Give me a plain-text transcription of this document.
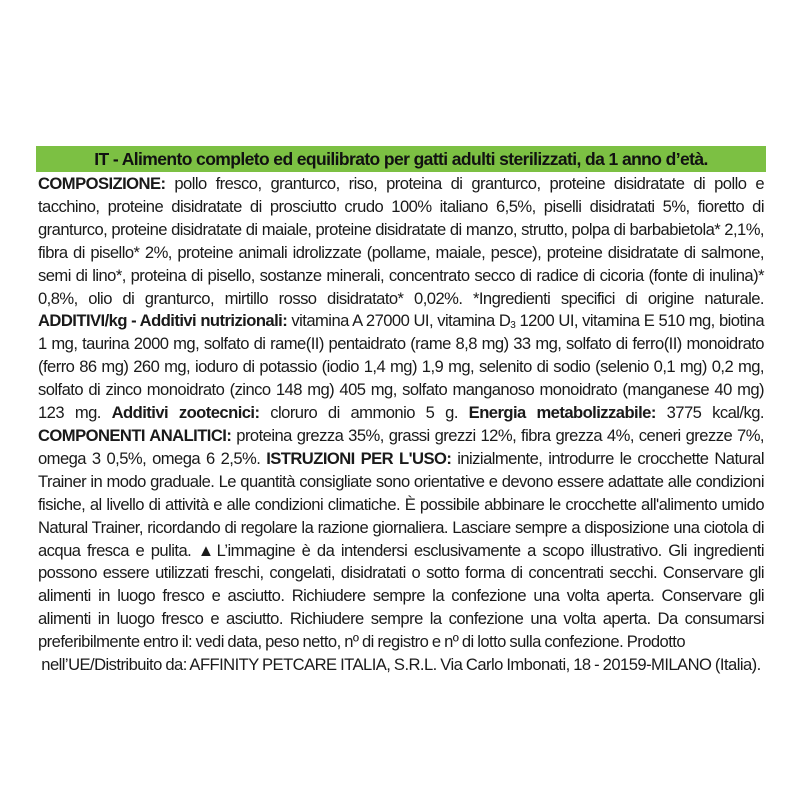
IT - Alimento completo ed equilibrato per gatti adulti sterilizzati, da 1 anno d’età.
COMPOSIZIONE: pollo fresco, granturco, riso, proteina di granturco, proteine disidratate di pollo e tacchino, proteine disidratate di prosciutto crudo 100% italiano 6,5%, piselli disidratati 5%, fioretto di granturco, proteine disidratate di maiale, proteine disidratate di manzo, strutto, polpa di barbabietola* 2,1%, fibra di pisello* 2%, proteine animali idrolizzate (pollame, maiale, pesce), proteine disidratate di salmone, semi di lino*, proteina di pisello, sostanze minerali, concentrato secco di radice di cicoria (fonte di inulina)* 0,8%, olio di granturco, mirtillo rosso disidratato* 0,02%. *Ingredienti specifici di origine naturale. ADDITIVI/kg - Additivi nutrizionali: vitamina A 27000 UI, vitamina $D_3$ 1200 UI, vitamina E 510 mg, biotina 1 mg, taurina 2000 mg, solfato di rame(II) pentaidrato (rame 8,8 mg) 33 mg, solfato di ferro(II) monoidrato (ferro 86 mg) 260 mg, ioduro di potassio (iodio 1,4 mg) 1,9 mg, selenito di sodio (selenio 0,1 mg) 0,2 mg, solfato di zinco monoidrato (zinco 148 mg) 405 mg, solfato manganoso monoidrato (manganese 40 mg) 123 mg. Additivi zootecnici: cloruro di ammonio 5 g. Energia metabolizzabile: 3775 kcal/kg. COMPONENTI ANALITICI: proteina grezza 35%, grassi grezzi 12%, fibra grezza 4%, ceneri grezze 7%, omega 3 0,5%, omega 6 2,5%. ISTRUZIONI PER L'USO: inizialmente, introdurre le crocchette Natural Trainer in modo graduale. Le quantità consigliate sono orientative e devono essere adattate alle condizioni fisiche, al livello di attività e alle condizioni climatiche. È possibile abbinare le crocchette all'alimento umido Natural Trainer, ricordando di regolare la razione giornaliera. Lasciare sempre a disposizione una ciotola di acqua fresca e pulita. ▲L’immagine è da intendersi esclusivamente a scopo illustrativo. Gli ingredienti possono essere utilizzati freschi, congelati, disidratati o sotto forma di concentrati secchi. Conservare gli alimenti in luogo fresco e asciutto. Richiudere sempre la confezione una volta aperta. Conservare gli alimenti in luogo fresco e asciutto. Richiudere sempre la confezione una volta aperta. Da consumarsi preferibilmente entro il: vedi data, peso netto, nº di registro e nº di lotto sulla confezione. Prodotto
nell’UE/Distribuito da: AFFINITY PETCARE ITALIA, S.R.L. Via Carlo Imbonati, 18 - 20159-MILANO (Italia).
